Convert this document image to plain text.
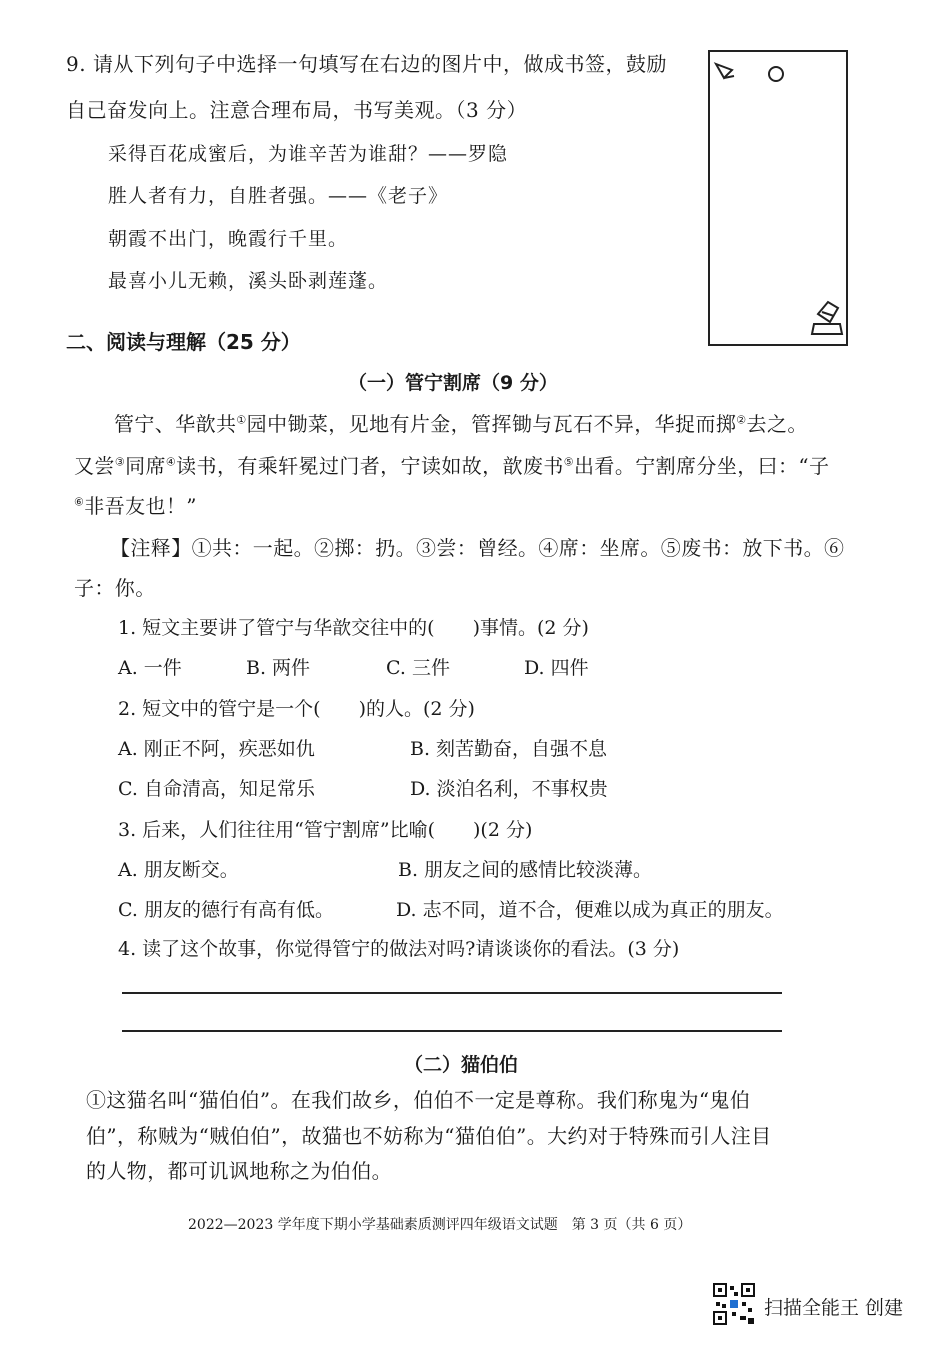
9. 请从下列句子中选择一句填写在右边的图片中，做成书签，鼓励
自己奋发向上。注意合理布局，书写美观。（3 分）
采得百花成蜜后，为谁辛苦为谁甜？——罗隐
胜人者有力，自胜者强。——《老子》
朝霞不出门，晚霞行千里。
最喜小儿无赖，溪头卧剥莲蓬。
二、阅读与理解（25 分）
（一）管宁割席（9 分）
管宁、华歆共①园中锄菜，见地有片金，管挥锄与瓦石不异，华捉而掷②去之。
又尝③同席④读书，有乘轩冕过门者，宁读如故，歆废书⑤出看。宁割席分坐，曰：“子
⑥非吾友也！”
【注释】①共：一起。②掷：扔。③尝：曾经。④席：坐席。⑤废书：放下书。⑥
子：你。
1. 短文主要讲了管宁与华歆交往中的(　　)事情。(2 分)
A. 一件	B. 两件	C. 三件	D. 四件
2. 短文中的管宁是一个(　　)的人。(2 分)
A. 刚正不阿，疾恶如仇	B. 刻苦勤奋，自强不息
C. 自命清高，知足常乐	D. 淡泊名利，不事权贵
3. 后来，人们往往用“管宁割席”比喻(　　)(2 分)
A. 朋友断交。	B. 朋友之间的感情比较淡薄。
C. 朋友的德行有高有低。	D. 志不同，道不合，便难以成为真正的朋友。
4. 读了这个故事，你觉得管宁的做法对吗?请谈谈你的看法。(3 分)
（二）猫伯伯
①这猫名叫“猫伯伯”。在我们故乡，伯伯不一定是尊称。我们称鬼为“鬼伯
伯”，称贼为“贼伯伯”，故猫也不妨称为“猫伯伯”。大约对于特殊而引人注目
的人物，都可讥讽地称之为伯伯。
2022—2023 学年度下期小学基础素质测评四年级语文试题　第 3 页（共 6 页）
扫描全能王 创建
